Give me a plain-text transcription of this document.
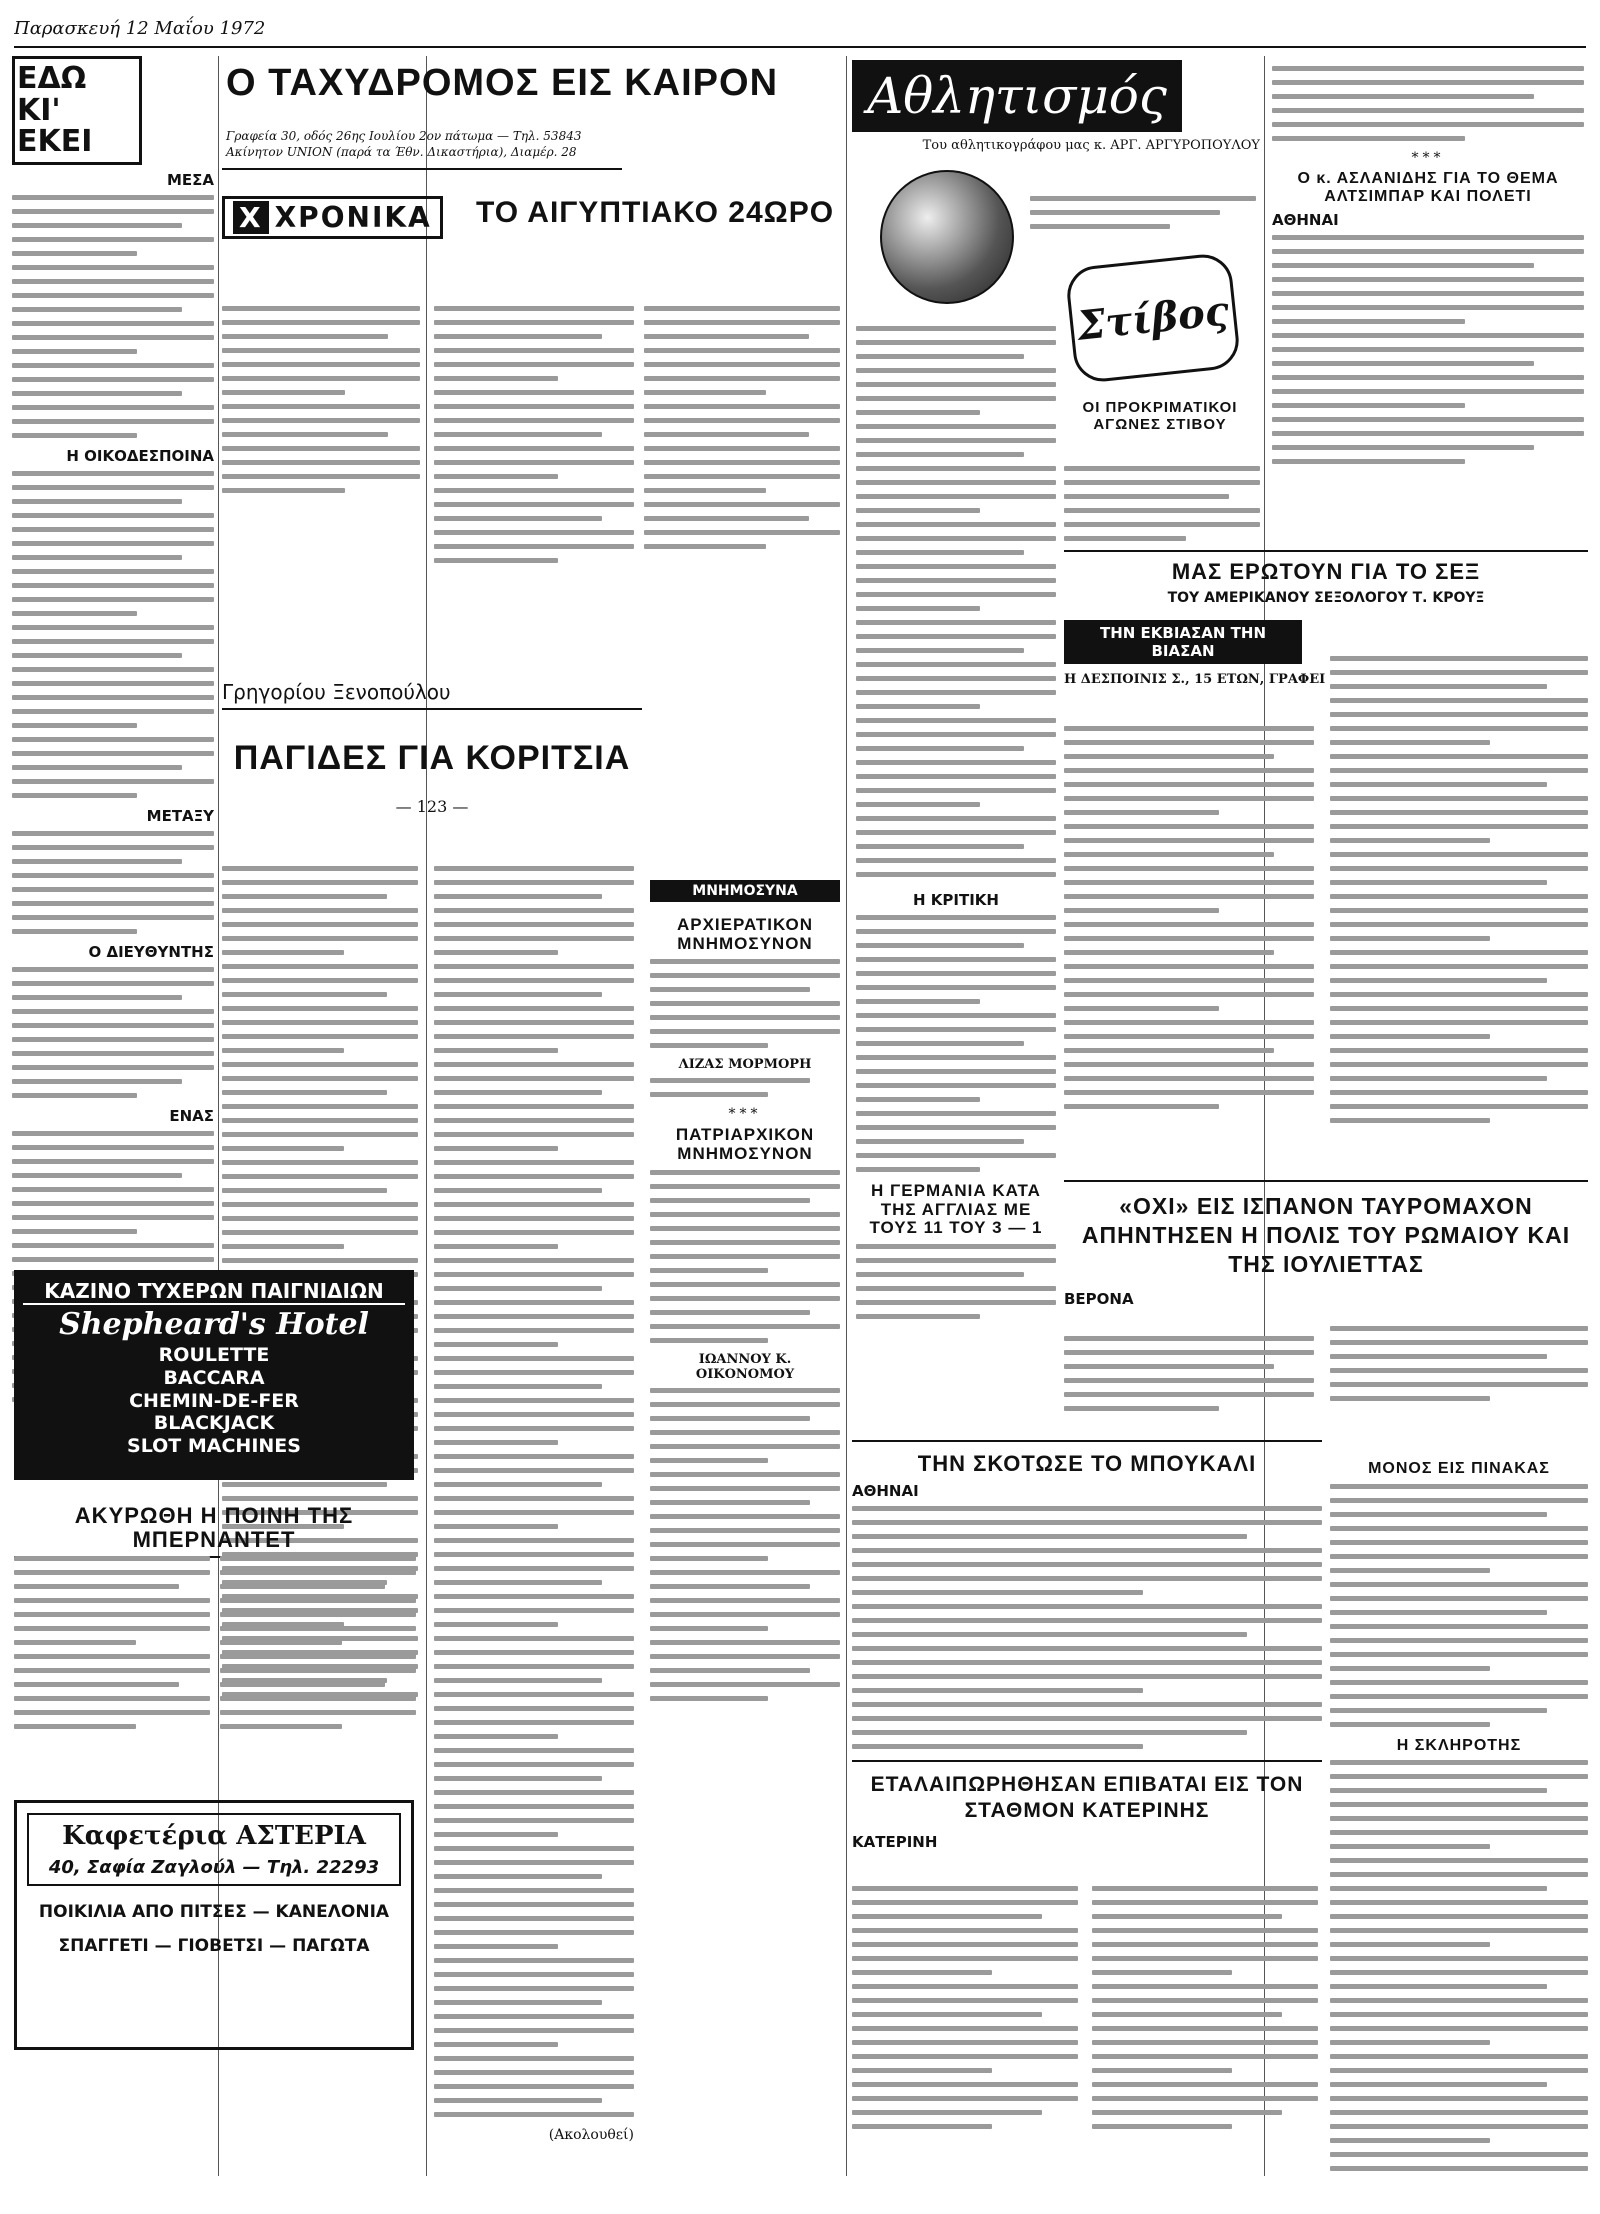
Παρασκευή 12 Μαΐου 1972
ΕΔΩ
ΚΙ' ΕΚΕΙ
ΜΕΣΑ
Η ΟΙΚΟΔΕΣΠΟΙΝΑ
ΜΕΤΑΞΥ
Ο ΔΙΕΥΘΥΝΤΗΣ
ΕΝΑΣ
Ο ΤΑΧΥΔΡΟΜΟΣ ΕΙΣ ΚΑΙΡΟΝ
Γραφεία 30, οδός 26ης Ιουλίου 2ον πάτωμα — Τηλ. 53843
Ακίνητον UNION (παρά τα Έθν. Δικαστήρια), Διαμέρ. 28
X ΧΡΟΝΙΚΑ ΤΟ ΑΙΓΥΠΤΙΑΚΟ 24ΩΡΟ
Γρηγορίου Ξενοπούλου
ΠΑΓΙΔΕΣ ΓΙΑ ΚΟΡΙΤΣΙΑ
— 123 —
(Ακολουθεί)
ΜΝΗΜΟΣΥΝΑ
ΑΡΧΙΕΡΑΤΙΚΟΝ ΜΝΗΜΟΣΥΝΟΝ
ΛΙΖΑΣ ΜΟΡΜΟΡΗ
***
ΠΑΤΡΙΑΡΧΙΚΟΝ ΜΝΗΜΟΣΥΝΟΝ
ΙΩΑΝΝΟΥ Κ. ΟΙΚΟΝΟΜΟΥ
ΚΑΖΙΝΟ ΤΥΧΕΡΩΝ ΠΑΙΓΝΙΔΙΩΝ
Shepheard's Hotel
ROULETTE
BACCARA
CHEMIN-DE-FER
BLACKJACK
SLOT MACHINES
ΑΚΥΡΩΘΗ Η ΠΟΙΝΗ ΤΗΣ ΜΠΕΡΝΑΝΤΕΤ
Καφετέρια ΑΣΤΕΡΙΑ
40, Σαφία Ζαγλούλ — Τηλ. 22293
ΠΟΙΚΙΛΙΑ ΑΠΟ ΠΙΤΣΕΣ — ΚΑΝΕΛΟΝΙΑ
ΣΠΑΓΓΕΤΙ — ΓΙΟΒΕΤΣΙ — ΠΑΓΩΤΑ
Αθλητισμός
Του αθλητικογράφου μας κ. ΑΡΓ. ΑΡΓΥΡΟΠΟΥΛΟΥ
Η ΚΡΙΤΙΚΗ
Η ΓΕΡΜΑΝΙΑ ΚΑΤΑ ΤΗΣ ΑΓΓΛΙΑΣ ΜΕ ΤΟΥΣ 11 ΤΟΥ 3 — 1
Στίβος
ΟΙ ΠΡΟΚΡΙΜΑΤΙΚΟΙ ΑΓΩΝΕΣ ΣΤΙΒΟΥ
***
Ο κ. ΑΣΛΑΝΙΔΗΣ ΓΙΑ ΤΟ ΘΕΜΑ ΑΛΤΣΙΜΠΑΡ ΚΑΙ ΠΟΛΕΤΙ
ΑΘΗΝΑΙ
ΜΑΣ ΕΡΩΤΟΥΝ ΓΙΑ ΤΟ ΣΕΞ
ΤΟΥ ΑΜΕΡΙΚΑΝΟΥ ΣΕΞΟΛΟΓΟΥ Τ. ΚΡΟΥΞ
ΤΗΝ ΕΚΒΙΑΣΑΝ ΤΗΝ ΒΙΑΣΑΝ
Η ΔΕΣΠΟΙΝΙΣ Σ., 15 ΕΤΩΝ, ΓΡΑΦΕΙ
«ΟΧΙ» ΕΙΣ ΙΣΠΑΝΟΝ ΤΑΥΡΟΜΑΧΟΝ ΑΠΗΝΤΗΣΕΝ Η ΠΟΛΙΣ ΤΟΥ ΡΩΜΑΙΟΥ ΚΑΙ ΤΗΣ ΙΟΥΛΙΕΤΤΑΣ
ΒΕΡΟΝΑ
ΤΗΝ ΣΚΟΤΩΣΕ ΤΟ ΜΠΟΥΚΑΛΙ
ΑΘΗΝΑΙ
ΜΟΝΟΣ ΕΙΣ ΠΙΝΑΚΑΣ
Η ΣΚΛΗΡΟΤΗΣ
ΕΤΑΛΑΙΠΩΡΗΘΗΣΑΝ ΕΠΙΒΑΤΑΙ ΕΙΣ ΤΟΝ ΣΤΑΘΜΟΝ ΚΑΤΕΡΙΝΗΣ
ΚΑΤΕΡΙΝΗ
